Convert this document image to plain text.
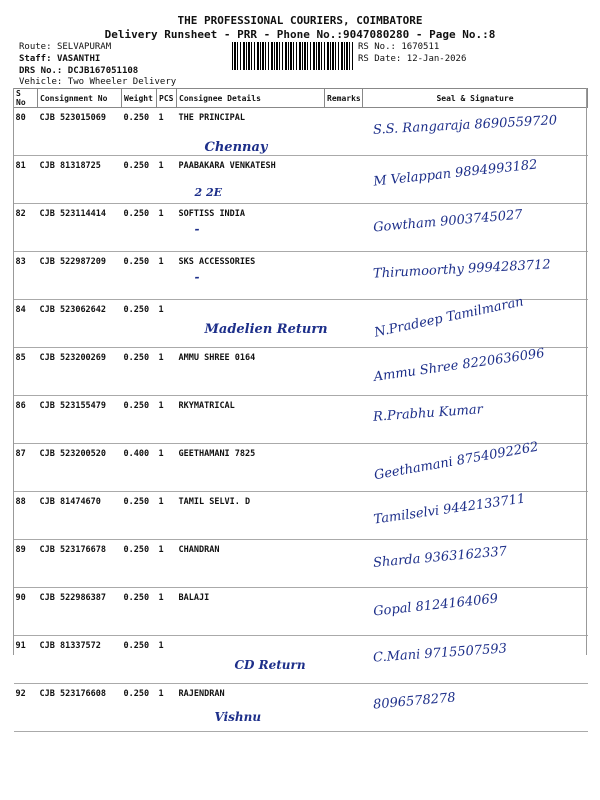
THE PROFESSIONAL COURIERS, COIMBATORE
Delivery Runsheet - PRR - Phone No.:9047080280 - Page No.:8
Route: SELVAPURAM
Staff: VASANTHI
DRS No.: DCJB167051108
Vehicle: Two Wheeler Delivery
RS No.: 1670511
RS Date: 12-Jan-2026
S No	Consignment No	Weight	PCS	Consignee Details	Remarks	Seal & Signature
80	CJB 523015069	0.250	1	THE PRINCIPAL
Chennay		S.S. Rangaraja 8690559720

81	CJB 81318725	0.250	1	PAABAKARA VENKATESH
2 2E		M Velappan 9894993182

82	CJB 523114414	0.250	1	SOFTISS INDIA
-		Gowtham 9003745027

83	CJB 522987209	0.250	1	SKS ACCESSORIES
-		Thirumoorthy 9994283712

84	CJB 523062642	0.250	1	Madelien Return		N.Pradeep Tamilmaran

85	CJB 523200269	0.250	1	AMMU SHREE 0164		Ammu Shree 8220636096

86	CJB 523155479	0.250	1	RKYMATRICAL		R.Prabhu Kumar

87	CJB 523200520	0.400	1	GEETHAMANI 7825		Geethamani 8754092262

88	CJB 81474670	0.250	1	TAMIL SELVI. D		Tamilselvi 9442133711

89	CJB 523176678	0.250	1	CHANDRAN		Sharda 9363162337

90	CJB 522986387	0.250	1	BALAJI		Gopal 8124164069

91	CJB 81337572	0.250	1	CD Return		C.Mani 9715507593

92	CJB 523176608	0.250	1	RAJENDRAN
Vishnu		8096578278
